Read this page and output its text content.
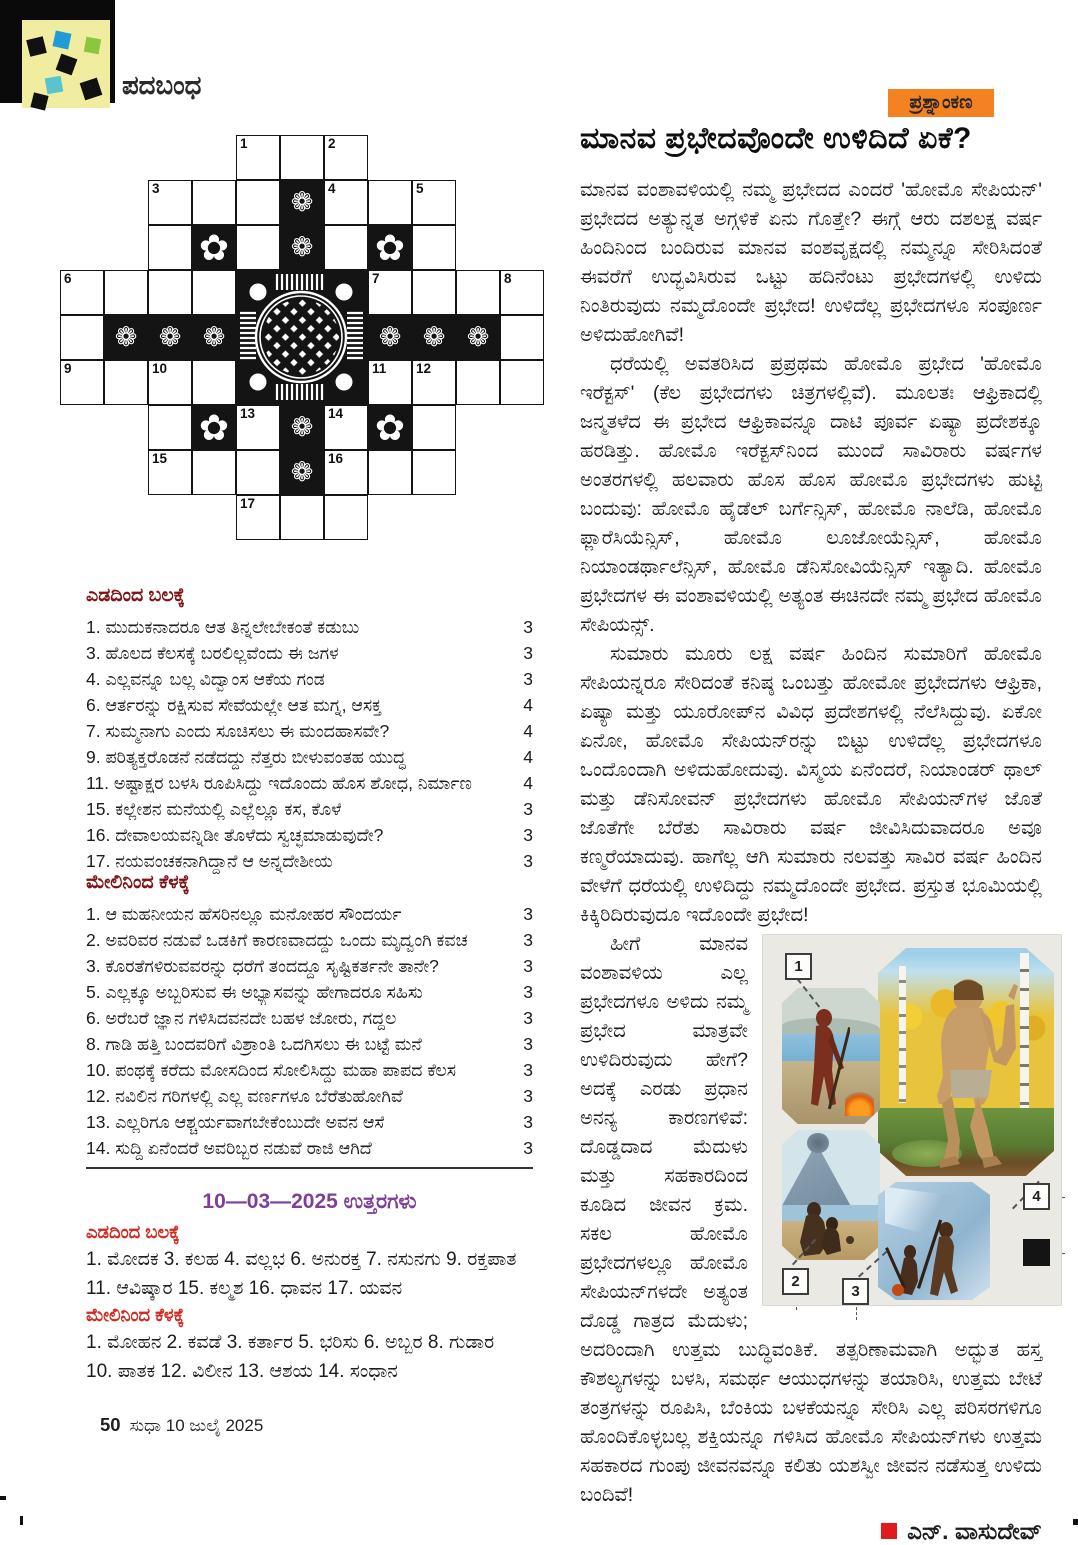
ಪದಬಂಧ
1	2
3	❁ 4	5
✿ ❁ ✿
6	7	8
❁ ❁ ❁	❁ ❁ ❁
9	10	11 12
✿ 13 ❁ 14 ✿
15	❁ 16
17
ಎಡದಿಂದ ಬಲಕ್ಕೆ
1. ಮುದುಕನಾದರೂ ಆತ ತಿನ್ನಲೇಬೇಕಂತೆ ಕಡುಬು	3
3. ಹೊಲದ ಕೆಲಸಕ್ಕೆ ಬರಲಿಲ್ಲವೆಂದು ಈ ಜಗಳ	3
4. ಎಲ್ಲವನ್ನೂ ಬಲ್ಲ ವಿದ್ವಾಂಸ ಆಕೆಯ ಗಂಡ	3
6. ಆರ್ತರನ್ನು ರಕ್ಷಿಸುವ ಸೇವೆಯಲ್ಲೇ ಆತ ಮಗ್ನ, ಆಸಕ್ತ	4
7. ಸುಮ್ಮನಾಗು ಎಂದು ಸೂಚಿಸಲು ಈ ಮಂದಹಾಸವೇ?	4
9. ಪರಿತ್ಯಕ್ತರೊಡನೆ ನಡೆದದ್ದು ನೆತ್ತರು ಬೀಳುವಂತಹ ಯುದ್ಧ	4
11. ಅಷ್ಟಾಕ್ಷರ ಬಳಸಿ ರೂಪಿಸಿದ್ದು ಇದೊಂದು ಹೊಸ ಶೋಧ, ನಿರ್ಮಾಣ	4
15. ಕಲ್ಲೇಶನ ಮನೆಯಲ್ಲಿ ಎಲ್ಲೆಲ್ಲೂ ಕಸ, ಕೊಳೆ	3
16. ದೇವಾಲಯವನ್ನಿಡೀ ತೊಳೆದು ಸ್ವಚ್ಛಮಾಡುವುದೇ?	3
17. ನಯವಂಚಕನಾಗಿದ್ದಾನೆ ಆ ಅನ್ನದೇಶೀಯ	3
ಮೇಲಿನಿಂದ ಕೆಳಕ್ಕೆ
1. ಆ ಮಹನೀಯನ ಹೆಸರಿನಲ್ಲೂ ಮನೋಹರ ಸೌಂದರ್ಯ	3
2. ಅವರಿವರ ನಡುವೆ ಒಡಕಿಗೆ ಕಾರಣವಾದದ್ದು ಒಂದು ಮೃದ್ವಂಗಿ ಕವಚ	3
3. ಕೊರತೆಗಳಿರುವವರನ್ನು ಧರೆಗೆ ತಂದದ್ದೂ ಸೃಷ್ಟಿಕರ್ತನೇ ತಾನೇ?	3
5. ಎಲ್ಲಕ್ಕೂ ಅಬ್ಬರಿಸುವ ಈ ಅಭ್ಯಾಸವನ್ನು ಹೇಗಾದರೂ ಸಹಿಸು	3
6. ಅರೆಬರೆ ಜ್ಞಾನ ಗಳಿಸಿದವನದೇ ಬಹಳ ಜೋರು, ಗದ್ದಲ	3
8. ಗಾಡಿ ಹತ್ತಿ ಬಂದವರಿಗೆ ವಿಶ್ರಾಂತಿ ಒದಗಿಸಲು ಈ ಬಟ್ಟೆ ಮನೆ	3
10. ಪಂಥಕ್ಕೆ ಕರೆದು ಮೋಸದಿಂದ ಸೋಲಿಸಿದ್ದು ಮಹಾ ಪಾಪದ ಕೆಲಸ	3
12. ನವಿಲಿನ ಗರಿಗಳಲ್ಲಿ ಎಲ್ಲ ವರ್ಣಗಳೂ ಬೆರೆತುಹೋಗಿವೆ	3
13. ಎಲ್ಲರಿಗೂ ಆಶ್ಚರ್ಯವಾಗಬೇಕೆಂಬುದೇ ಅವನ ಆಸೆ	3
14. ಸುದ್ದಿ ಏನೆಂದರೆ ಅವರಿಬ್ಬರ ನಡುವೆ ರಾಜಿ ಆಗಿದೆ	3
10—03—2025 ಉತ್ತರಗಳು
ಎಡದಿಂದ ಬಲಕ್ಕೆ
1. ಮೋದಕ 3. ಕಲಹ 4. ವಲ್ಲಭ 6. ಅನುರಕ್ತ 7. ನಸುನಗು 9. ರಕ್ತಪಾತ
11. ಆವಿಷ್ಕಾರ 15. ಕಲ್ಮಶ 16. ಧಾವನ 17. ಯವನ
ಮೇಲಿನಿಂದ ಕೆಳಕ್ಕೆ
1. ಮೋಹನ 2. ಕವಡೆ 3. ಕರ್ತಾರ 5. ಭರಿಸು 6. ಅಬ್ಬರ 8. ಗುಡಾರ
10. ಪಾತಕ 12. ವಿಲೀನ 13. ಆಶಯ 14. ಸಂಧಾನ
ಪ್ರಶ್ನಾಂಕಣ
ಮಾನವ ಪ್ರಭೇದವೊಂದೇ ಉಳಿದಿದೆ ಏಕೆ?

ಮಾನವ ವಂಶಾವಳಿಯಲ್ಲಿ ನಮ್ಮ ಪ್ರಭೇದದ ಎಂದರೆ 'ಹೋಮೊ ಸೇಪಿಯನ್' ಪ್ರಭೇದದ ಅತ್ಯುನ್ನತ ಅಗ್ಗಳಿಕೆ ಏನು ಗೊತ್ತೇ? ಈಗ್ಗೆ ಆರು ದಶಲಕ್ಷ ವರ್ಷ ಹಿಂದಿನಿಂದ ಬಂದಿರುವ ಮಾನವ ವಂಶವೃಕ್ಷದಲ್ಲಿ ನಮ್ಮನ್ನೂ ಸೇರಿಸಿದಂತೆ ಈವರೆಗೆ ಉದ್ಭವಿಸಿರುವ ಒಟ್ಟು ಹದಿನೆಂಟು ಪ್ರಭೇದಗಳಲ್ಲಿ ಉಳಿದು ನಿಂತಿರುವುದು ನಮ್ಮದೊಂದೇ ಪ್ರಭೇದ! ಉಳಿದೆಲ್ಲ ಪ್ರಭೇದಗಳೂ ಸಂಪೂರ್ಣ ಅಳಿದುಹೋಗಿವೆ!

ಧರೆಯಲ್ಲಿ ಅವತರಿಸಿದ ಪ್ರಪ್ರಥಮ ಹೋಮೊ ಪ್ರಭೇದ 'ಹೋಮೊ ಇರೆಕ್ಟಸ್' (ಕೆಲ ಪ್ರಭೇದಗಳು ಚಿತ್ರಗಳಲ್ಲಿವೆ). ಮೂಲತಃ ಆಫ್ರಿಕಾದಲ್ಲಿ ಜನ್ಮತಳೆದ ಈ ಪ್ರಭೇದ ಆಫ್ರಿಕಾವನ್ನೂ ದಾಟಿ ಪೂರ್ವ ಏಷ್ಯಾ ಪ್ರದೇಶಕ್ಕೂ ಹರಡಿತ್ತು. ಹೋಮೊ ಇರೆಕ್ಟಸ್‌ನಿಂದ ಮುಂದೆ ಸಾವಿರಾರು ವರ್ಷಗಳ ಅಂತರಗಳಲ್ಲಿ ಹಲವಾರು ಹೊಸ ಹೊಸ ಹೋಮೊ ಪ್ರಭೇದಗಳು ಹುಟ್ಟಿ ಬಂದುವು: ಹೋಮೊ ಹೈಡೆಲ್ ಬರ್ಗೆನ್ಸಿಸ್, ಹೋಮೊ ನಾಲೆಡಿ, ಹೋಮೊ ಫ್ಲಾರೆಸಿಯೆನ್ಸಿಸ್, ಹೋಮೊ ಲೂಜೋಯೆನ್ಸಿಸ್, ಹೋಮೊ ನಿಯಾಂಡರ್ಥಾಲೆನ್ಸಿಸ್, ಹೋಮೊ ಡೆನಿಸೋವಿಯೆನ್ಸಿಸ್ ಇತ್ಯಾದಿ. ಹೋಮೊ ಪ್ರಭೇದಗಳ ಈ ವಂಶಾವಳಿಯಲ್ಲಿ ಅತ್ಯಂತ ಈಚಿನದೇ ನಮ್ಮ ಪ್ರಭೇದ ಹೋಮೊ ಸೇಪಿಯನ್ಸ್.

ಸುಮಾರು ಮೂರು ಲಕ್ಷ ವರ್ಷ ಹಿಂದಿನ ಸುಮಾರಿಗೆ ಹೋಮೊ ಸೇಪಿಯನ್ನರೂ ಸೇರಿದಂತೆ ಕನಿಷ್ಠ ಒಂಬತ್ತು ಹೋಮೋ ಪ್ರಭೇದಗಳು ಆಫ್ರಿಕಾ, ಏಷ್ಯಾ ಮತ್ತು ಯೂರೋಪ್‌ನ ವಿವಿಧ ಪ್ರದೇಶಗಳಲ್ಲಿ ನೆಲೆಸಿದ್ದುವು. ಏಕೋ ಏನೋ, ಹೋಮೊ ಸೇಪಿಯನ್‌ರನ್ನು ಬಿಟ್ಟು ಉಳಿದೆಲ್ಲ ಪ್ರಭೇದಗಳೂ ಒಂದೊಂದಾಗಿ ಅಳಿದುಹೋದುವು. ವಿಸ್ಮಯ ಏನೆಂದರೆ, ನಿಯಾಂಡರ್ ಥಾಲ್ ಮತ್ತು ಡೆನಿಸೋವನ್ ಪ್ರಭೇದಗಳು ಹೋಮೊ ಸೇಪಿಯನ್‌ಗಳ ಜೊತೆ ಜೊತೆಗೇ ಬೆರೆತು ಸಾವಿರಾರು ವರ್ಷ ಜೀವಿಸಿದುವಾದರೂ ಅವೂ ಕಣ್ಮರೆಯಾದುವು. ಹಾಗೆಲ್ಲ ಆಗಿ ಸುಮಾರು ನಲವತ್ತು ಸಾವಿರ ವರ್ಷ ಹಿಂದಿನ ವೇಳೆಗೆ ಧರೆಯಲ್ಲಿ ಉಳಿದಿದ್ದು ನಮ್ಮದೊಂದೇ ಪ್ರಭೇದ. ಪ್ರಸ್ತುತ ಭೂಮಿಯಲ್ಲಿ ಕಿಕ್ಕಿರಿದಿರುವುದೂ ಇದೊಂದೇ ಪ್ರಭೇದ!

1
2
3
4

ಹೀಗೆ ಮಾನವ ವಂಶಾವಳಿಯ ಎಲ್ಲ ಪ್ರಭೇದಗಳೂ ಅಳಿದು ನಮ್ಮ ಪ್ರಭೇದ ಮಾತ್ರವೇ ಉಳಿದಿರುವುದು ಹೇಗೆ? ಅದಕ್ಕೆ ಎರಡು ಪ್ರಧಾನ ಅನನ್ಯ ಕಾರಣಗಳಿವೆ: ದೊಡ್ಡದಾದ ಮೆದುಳು ಮತ್ತು ಸಹಕಾರದಿಂದ ಕೂಡಿದ ಜೀವನ ಕ್ರಮ. ಸಕಲ ಹೋಮೊ ಪ್ರಭೇದಗಳಲ್ಲೂ ಹೋಮೊ ಸೇಪಿಯನ್‌ಗಳದೇ ಅತ್ಯಂತ ದೊಡ್ಡ ಗಾತ್ರದ ಮೆದುಳು; ಅದರಿಂದಾಗಿ ಉತ್ತಮ ಬುದ್ಧಿವಂತಿಕೆ. ತತ್ಪರಿಣಾಮವಾಗಿ ಅದ್ಭುತ ಹಸ್ತ ಕೌಶಲ್ಯಗಳನ್ನು ಬಳಸಿ, ಸಮರ್ಥ ಆಯುಧಗಳನ್ನು ತಯಾರಿಸಿ, ಉತ್ತಮ ಬೇಟೆ ತಂತ್ರಗಳನ್ನು ರೂಪಿಸಿ, ಬೆಂಕಿಯ ಬಳಕೆಯನ್ನೂ ಸೇರಿಸಿ ಎಲ್ಲ ಪರಿಸರಗಳಿಗೂ ಹೊಂದಿಕೊಳ್ಳಬಲ್ಲ ಶಕ್ತಿಯನ್ನೂ ಗಳಿಸಿದ ಹೋಮೊ ಸೇಪಿಯನ್‌ಗಳು ಉತ್ತಮ ಸಹಕಾರದ ಗುಂಪು ಜೀವನವನ್ನೂ ಕಲಿತು ಯಶಸ್ವೀ ಜೀವನ ನಡೆಸುತ್ತ ಉಳಿದು ಬಂದಿವೆ!

ಎನ್. ವಾಸುದೇವ್
50 ಸುಧಾ 10 ಜುಲೈ 2025
